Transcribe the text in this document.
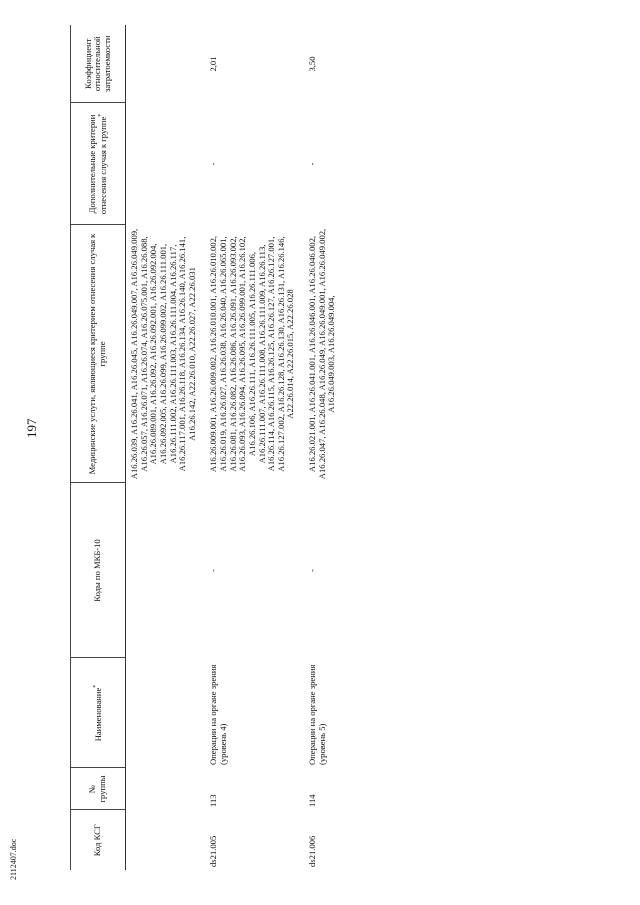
197
2112407.doc	Код КСГ	№ группы	Наименование*	Коды по МКБ-10	Медицинские услуги, являющиеся критерием отнесения случая к группе	Дополнительные критерии отнесения случая к группе*	Коэффициент относительной затратоемкости
				A16.26.039, A16.26.041, A16.26.045, A16.26.049.007, A16.26.049.009, A16.26.057, A16.26.071, A16.26.074, A16.26.075.001, A16.26.088, A16.26.089.001, A16.26.092, A16.26.092.001, A16.26.092.004, A16.26.092.005, A16.26.099, A16.26.099.002, A16.26.111.001, A16.26.111.002, A16.26.111.003, A16.26.111.004, A16.26.117, A16.26.117.001, A16.26.118, A16.26.134, A16.26.140, A16.26.141, A16.26.142, A22.26.010, A22.26.027, A22.26.031		
ds21.005	113	Операции на органе зрения (уровень 4)	-	A16.26.009.001, A16.26.009.002, A16.26.010.001, A16.26.010.002, A16.26.019, A16.26.027, A16.26.038, A16.26.040, A16.26.065.001, A16.26.081, A16.26.082, A16.26.086, A16.26.091, A16.26.093.002, A16.26.093, A16.26.094, A16.26.095, A16.26.099.001, A16.26.102, A16.26.106, A16.26.111, A16.26.111.005, A16.26.111.006, A16.26.111.007, A16.26.111.008, A16.26.111.009, A16.26.113, A16.26.114, A16.26.115, A16.26.125, A16.26.127, A16.26.127.001, A16.26.127.002, A16.26.128, A16.26.130, A16.26.131, A16.26.146, A22.26.014, A22.26.015, A22.26.028	-	2,01
ds21.006	114	Операции на органе зрения (уровень 5)	-	A16.26.021.001, A16.26.041.001, A16.26.046.001, A16.26.046.002, A16.26.047, A16.26.048, A16.26.049, A16.26.049.001, A16.26.049.002, A16.26.049.003, A16.26.049.004,	-	3,50
